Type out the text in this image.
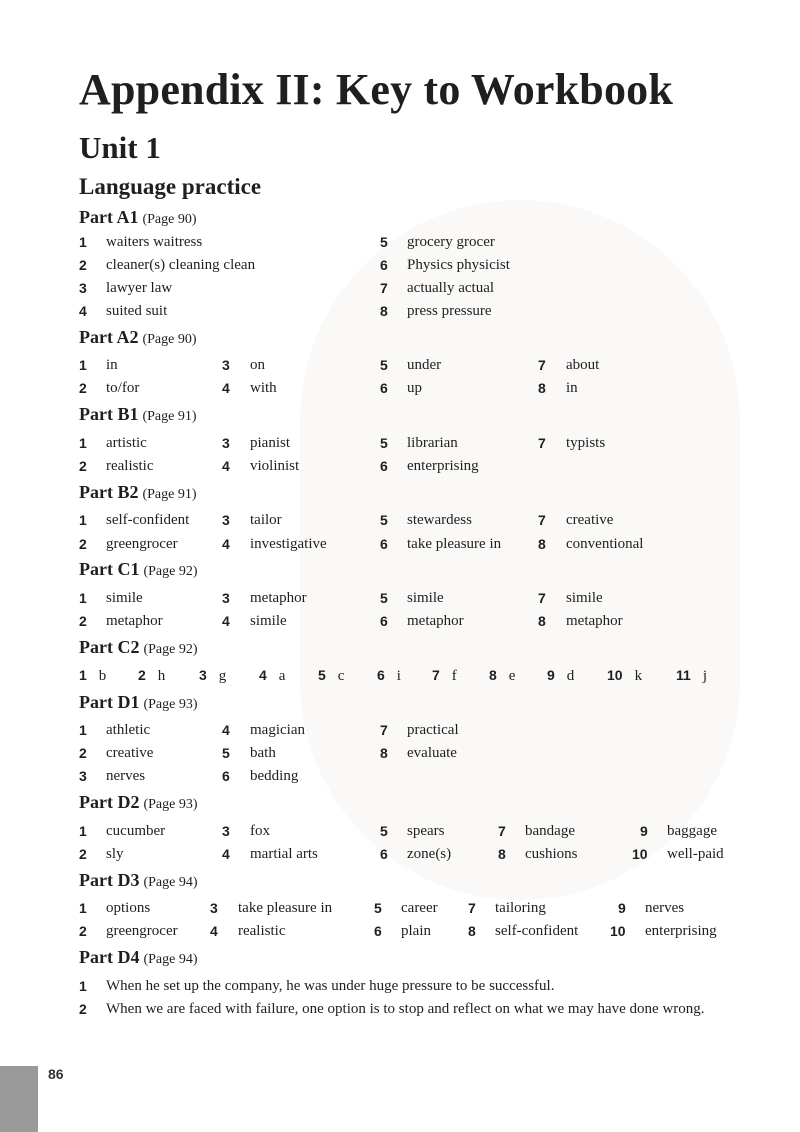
Appendix II: Key to Workbook
Unit 1
Language practice
Part A1 (Page 90)
1 waiters waitress	5 grocery grocer
2 cleaner(s) cleaning clean	6 Physics physicist
3 lawyer law	7 actually actual
4 suited suit	8 press pressure
Part A2 (Page 90)
1 in	3 on	5 under	7 about
2 to/for	4 with	6 up	8 in
Part B1 (Page 91)
1 artistic	3 pianist	5 librarian	7 typists
2 realistic	4 violinist	6 enterprising
Part B2 (Page 91)
1 self-confident 3 tailor	5 stewardess	7 creative
2 greengrocer	4 investigative	6 take pleasure in	8 conventional
Part C1 (Page 92)
1 simile	3 metaphor	5 simile	7 simile
2 metaphor	4 simile	6 metaphor	8 metaphor
Part C2 (Page 92)
1 b 2 h 3 g 4 a 5 c 6 i 7 f 8 e 9 d 10 k 11 j
Part D1 (Page 93)
1 athletic	4 magician	7 practical
2 creative	5 bath	8 evaluate
3 nerves	6 bedding
Part D2 (Page 93)
1 cucumber	3 fox	5 spears	7 bandage	9 baggage
2 sly	4 martial arts	6 zone(s)	8 cushions	10 well-paid
Part D3 (Page 94)
1 options	3 take pleasure in	5 career 7 tailoring	9 nerves
2 greengrocer 4 realistic	6 plain	8 self-confident 10 enterprising
Part D4 (Page 94)
1 When he set up the company, he was under huge pressure to be successful.

2 When we are faced with failure, one option is to stop and reflect on what we may have done wrong.

86
